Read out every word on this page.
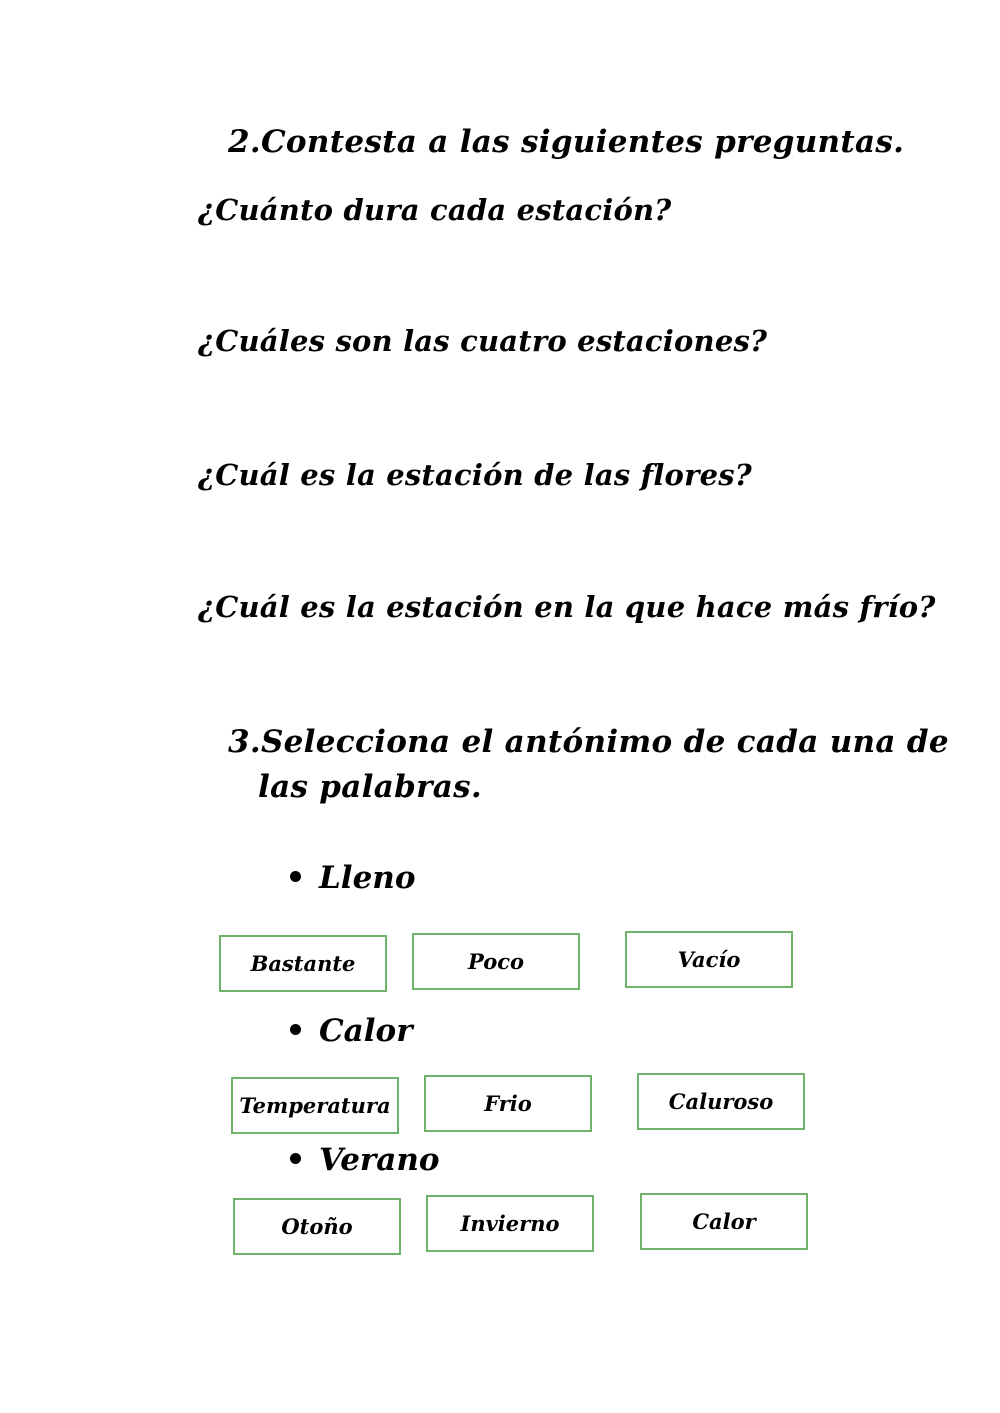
2.Contesta a las siguientes preguntas.
¿Cuánto dura cada estación?
¿Cuáles son las cuatro estaciones?
¿Cuál es la estación de las flores?
¿Cuál es la estación en la que hace más frío?
3.Selecciona el antónimo de cada una de
las palabras.
Lleno
Bastante	Poco	Vacío
Calor
Temperatura	Frio	Caluroso
Verano
Otoño	Invierno	Calor
